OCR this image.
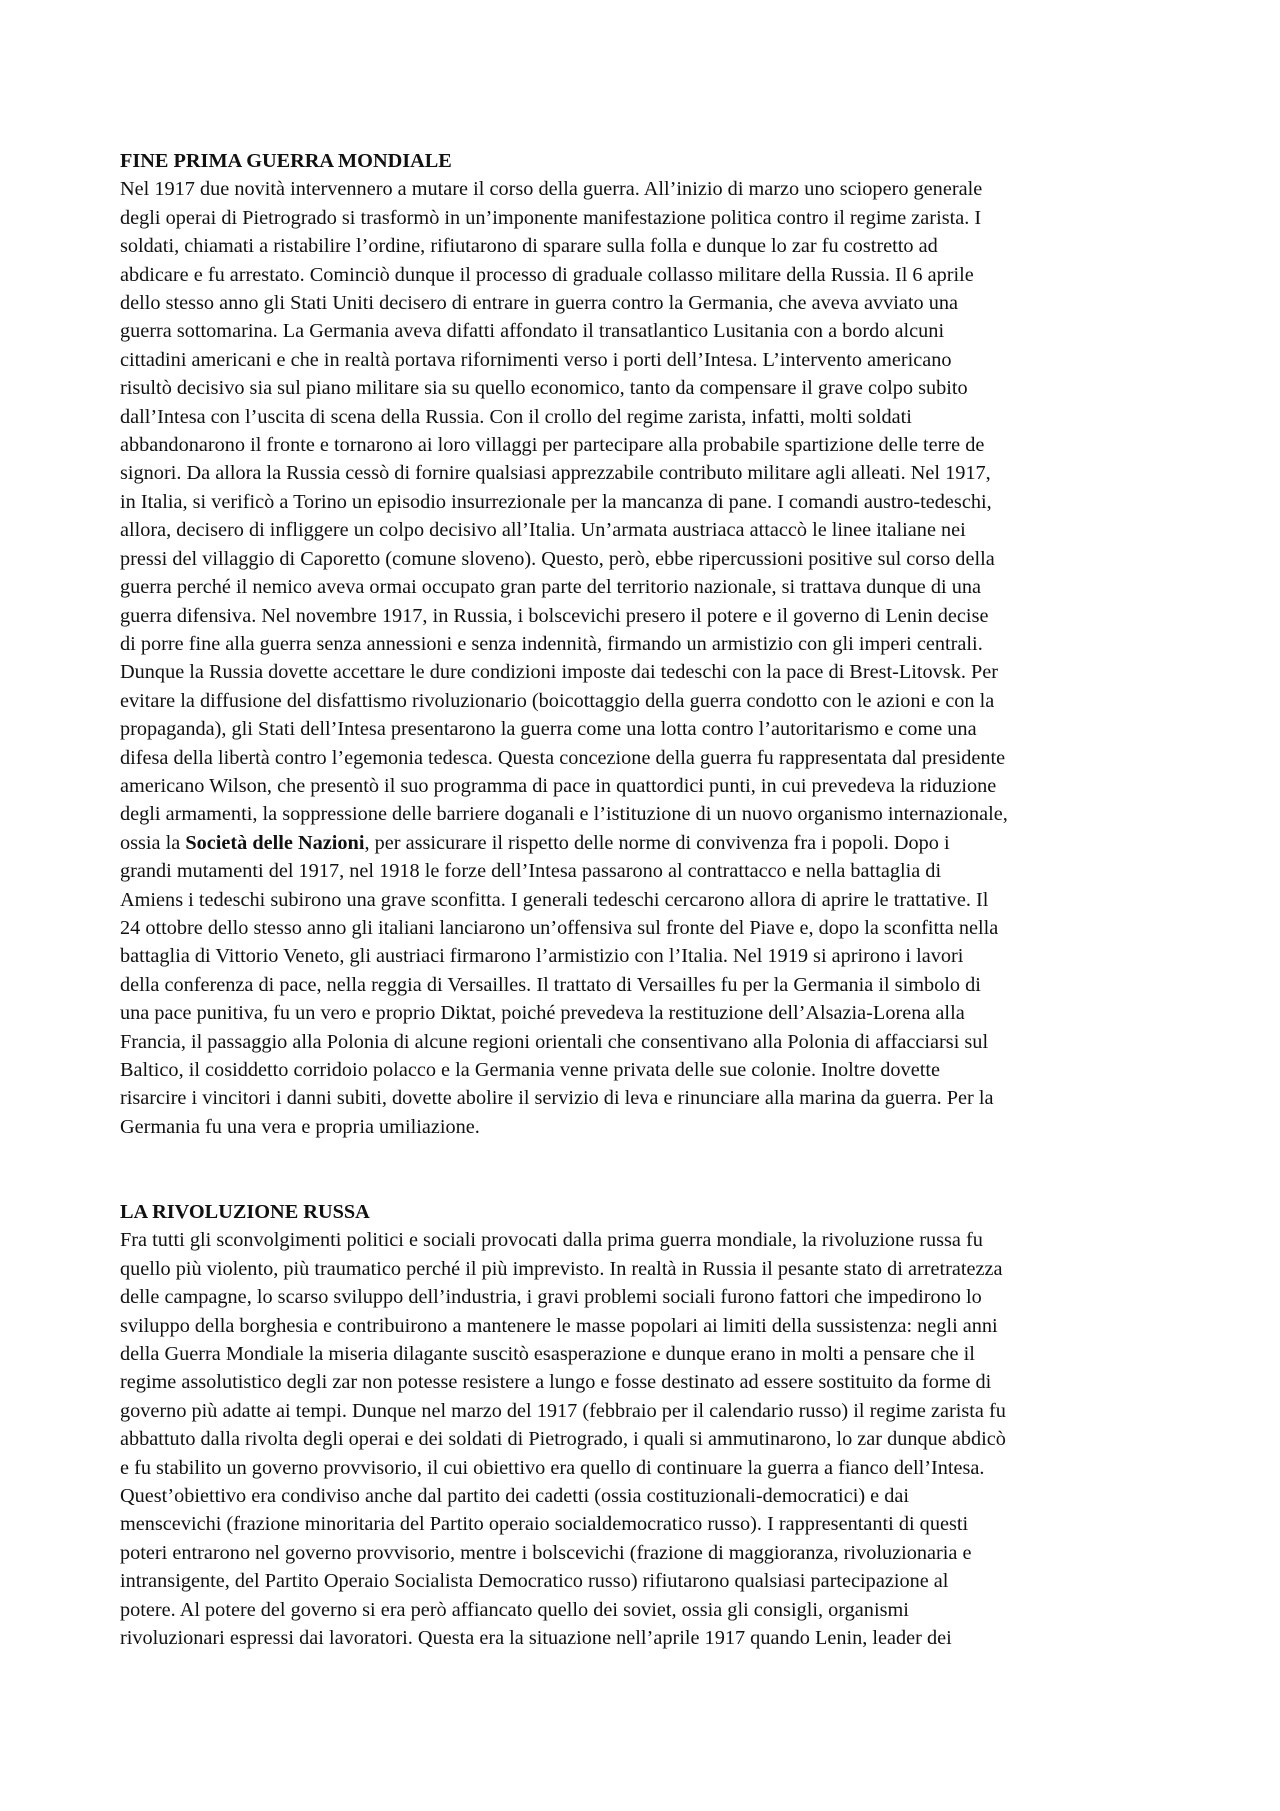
FINE PRIMA GUERRA MONDIALE
Nel 1917 due novità intervennero a mutare il corso della guerra. All’inizio di marzo uno sciopero generale
degli operai di Pietrogrado si trasformò in un’imponente manifestazione politica contro il regime zarista. I
soldati, chiamati a ristabilire l’ordine, rifiutarono di sparare sulla folla e dunque lo zar fu costretto ad
abdicare e fu arrestato. Cominciò dunque il processo di graduale collasso militare della Russia. Il 6 aprile
dello stesso anno gli Stati Uniti decisero di entrare in guerra contro la Germania, che aveva avviato una
guerra sottomarina. La Germania aveva difatti affondato il transatlantico Lusitania con a bordo alcuni
cittadini americani e che in realtà portava rifornimenti verso i porti dell’Intesa. L’intervento americano
risultò decisivo sia sul piano militare sia su quello economico, tanto da compensare il grave colpo subito
dall’Intesa con l’uscita di scena della Russia. Con il crollo del regime zarista, infatti, molti soldati
abbandonarono il fronte e tornarono ai loro villaggi per partecipare alla probabile spartizione delle terre de
signori. Da allora la Russia cessò di fornire qualsiasi apprezzabile contributo militare agli alleati. Nel 1917,
in Italia, si verificò a Torino un episodio insurrezionale per la mancanza di pane. I comandi austro-tedeschi,
allora, decisero di infliggere un colpo decisivo all’Italia. Un’armata austriaca attaccò le linee italiane nei
pressi del villaggio di Caporetto (comune sloveno). Questo, però, ebbe ripercussioni positive sul corso della
guerra perché il nemico aveva ormai occupato gran parte del territorio nazionale, si trattava dunque di una
guerra difensiva. Nel novembre 1917, in Russia, i bolscevichi presero il potere e il governo di Lenin decise
di porre fine alla guerra senza annessioni e senza indennità, firmando un armistizio con gli imperi centrali.
Dunque la Russia dovette accettare le dure condizioni imposte dai tedeschi con la pace di Brest-Litovsk. Per
evitare la diffusione del disfattismo rivoluzionario (boicottaggio della guerra condotto con le azioni e con la
propaganda), gli Stati dell’Intesa presentarono la guerra come una lotta contro l’autoritarismo e come una
difesa della libertà contro l’egemonia tedesca. Questa concezione della guerra fu rappresentata dal presidente
americano Wilson, che presentò il suo programma di pace in quattordici punti, in cui prevedeva la riduzione
degli armamenti, la soppressione delle barriere doganali e l’istituzione di un nuovo organismo internazionale,
ossia la Società delle Nazioni, per assicurare il rispetto delle norme di convivenza fra i popoli. Dopo i
grandi mutamenti del 1917, nel 1918 le forze dell’Intesa passarono al contrattacco e nella battaglia di
Amiens i tedeschi subirono una grave sconfitta. I generali tedeschi cercarono allora di aprire le trattative. Il
24 ottobre dello stesso anno gli italiani lanciarono un’offensiva sul fronte del Piave e, dopo la sconfitta nella
battaglia di Vittorio Veneto, gli austriaci firmarono l’armistizio con l’Italia. Nel 1919 si aprirono i lavori
della conferenza di pace, nella reggia di Versailles. Il trattato di Versailles fu per la Germania il simbolo di
una pace punitiva, fu un vero e proprio Diktat, poiché prevedeva la restituzione dell’Alsazia-Lorena alla
Francia, il passaggio alla Polonia di alcune regioni orientali che consentivano alla Polonia di affacciarsi sul
Baltico, il cosiddetto corridoio polacco e la Germania venne privata delle sue colonie. Inoltre dovette
risarcire i vincitori i danni subiti, dovette abolire il servizio di leva e rinunciare alla marina da guerra. Per la
Germania fu una vera e propria umiliazione.
LA RIVOLUZIONE RUSSA
Fra tutti gli sconvolgimenti politici e sociali provocati dalla prima guerra mondiale, la rivoluzione russa fu
quello più violento, più traumatico perché il più imprevisto. In realtà in Russia il pesante stato di arretratezza
delle campagne, lo scarso sviluppo dell’industria, i gravi problemi sociali furono fattori che impedirono lo
sviluppo della borghesia e contribuirono a mantenere le masse popolari ai limiti della sussistenza: negli anni
della Guerra Mondiale la miseria dilagante suscitò esasperazione e dunque erano in molti a pensare che il
regime assolutistico degli zar non potesse resistere a lungo e fosse destinato ad essere sostituito da forme di
governo più adatte ai tempi. Dunque nel marzo del 1917 (febbraio per il calendario russo) il regime zarista fu
abbattuto dalla rivolta degli operai e dei soldati di Pietrogrado, i quali si ammutinarono, lo zar dunque abdicò
e fu stabilito un governo provvisorio, il cui obiettivo era quello di continuare la guerra a fianco dell’Intesa.
Quest’obiettivo era condiviso anche dal partito dei cadetti (ossia costituzionali-democratici) e dai
menscevichi (frazione minoritaria del Partito operaio socialdemocratico russo). I rappresentanti di questi
poteri entrarono nel governo provvisorio, mentre i bolscevichi (frazione di maggioranza, rivoluzionaria e
intransigente, del Partito Operaio Socialista Democratico russo) rifiutarono qualsiasi partecipazione al
potere. Al potere del governo si era però affiancato quello dei soviet, ossia gli consigli, organismi
rivoluzionari espressi dai lavoratori. Questa era la situazione nell’aprile 1917 quando Lenin, leader dei
